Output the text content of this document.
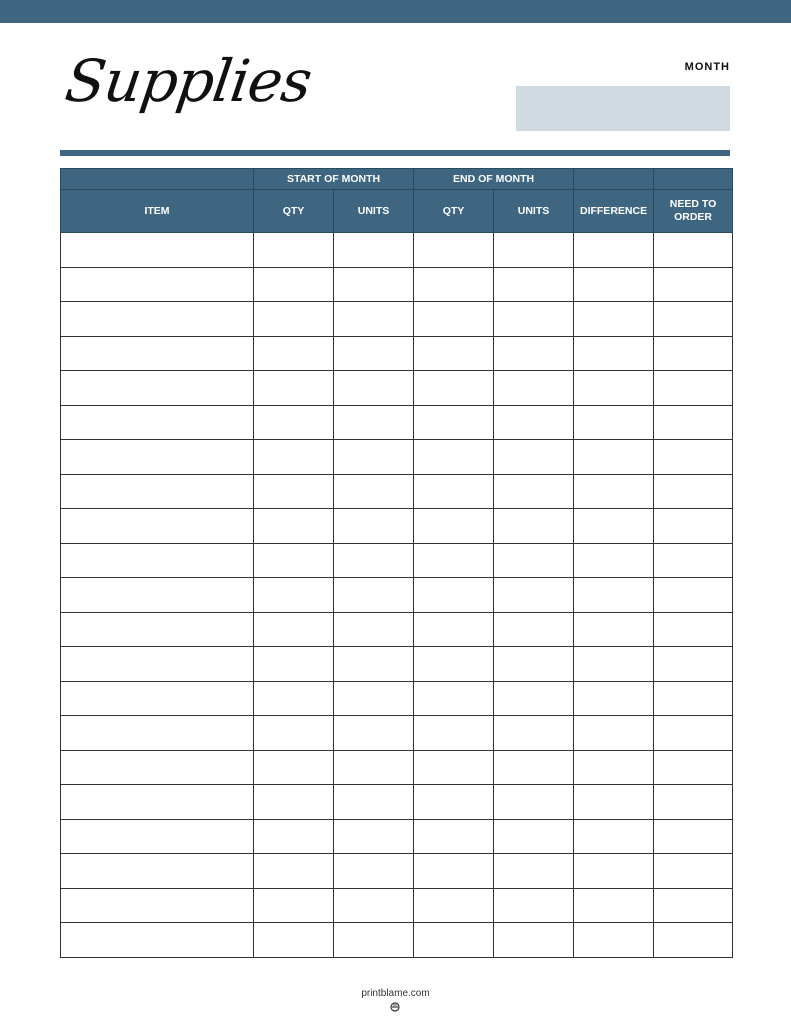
Supplies	MONTH
	START OF MONTH		END OF MONTH			
ITEM	QTY	UNITS	QTY	UNITS	DIFFERENCE	NEED TO ORDER

printblame.com
